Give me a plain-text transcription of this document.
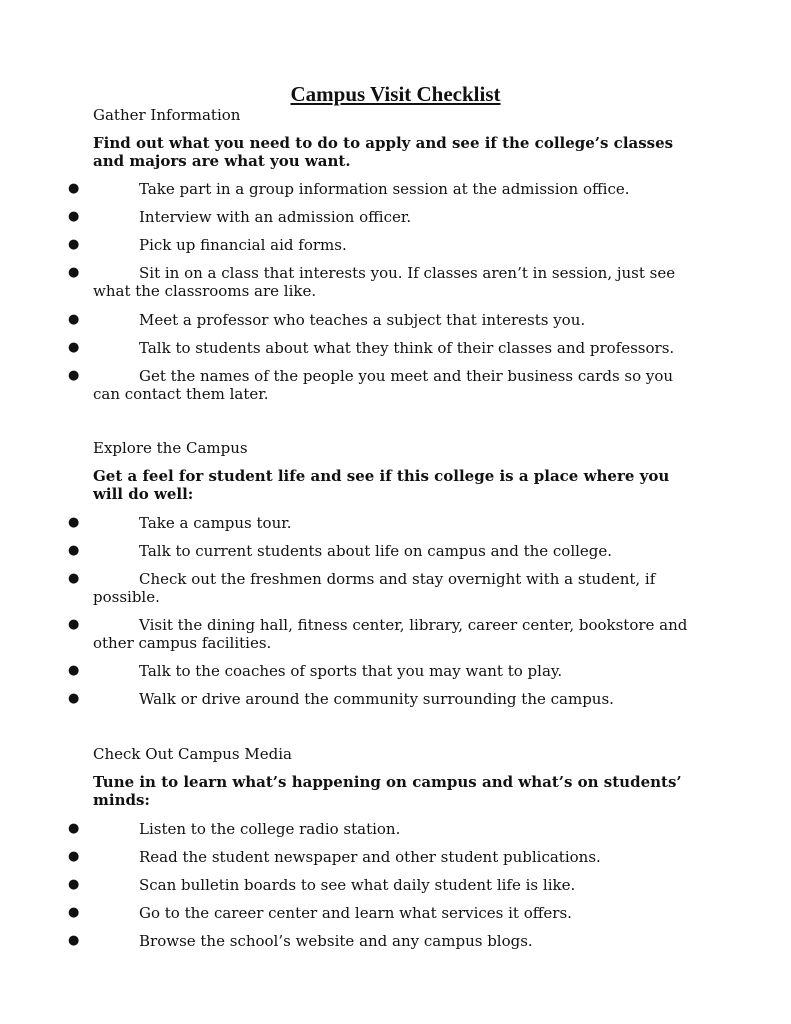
Campus Visit Checklist
Gather Information
Find out what you need to do to apply and see if the college’s classes and majors are what you want.
●	Take part in a group information session at the admission office.
●	Interview with an admission officer.
●	Pick up financial aid forms.
●	Sit in on a class that interests you. If classes aren’t in session, just see what the classrooms are like.
●	Meet a professor who teaches a subject that interests you.
●	Talk to students about what they think of their classes and professors.
●	Get the names of the people you meet and their business cards so you can contact them later.
Explore the Campus
Get a feel for student life and see if this college is a place where you will do well:
●	Take a campus tour.
●	Talk to current students about life on campus and the college.
●	Check out the freshmen dorms and stay overnight with a student, if possible.
●	Visit the dining hall, fitness center, library, career center, bookstore and other campus facilities.
●	Talk to the coaches of sports that you may want to play.
●	Walk or drive around the community surrounding the campus.
Check Out Campus Media
Tune in to learn what’s happening on campus and what’s on students’ minds:
●	Listen to the college radio station.
●	Read the student newspaper and other student publications.
●	Scan bulletin boards to see what daily student life is like.
●	Go to the career center and learn what services it offers.
●	Browse the school’s website and any campus blogs.
